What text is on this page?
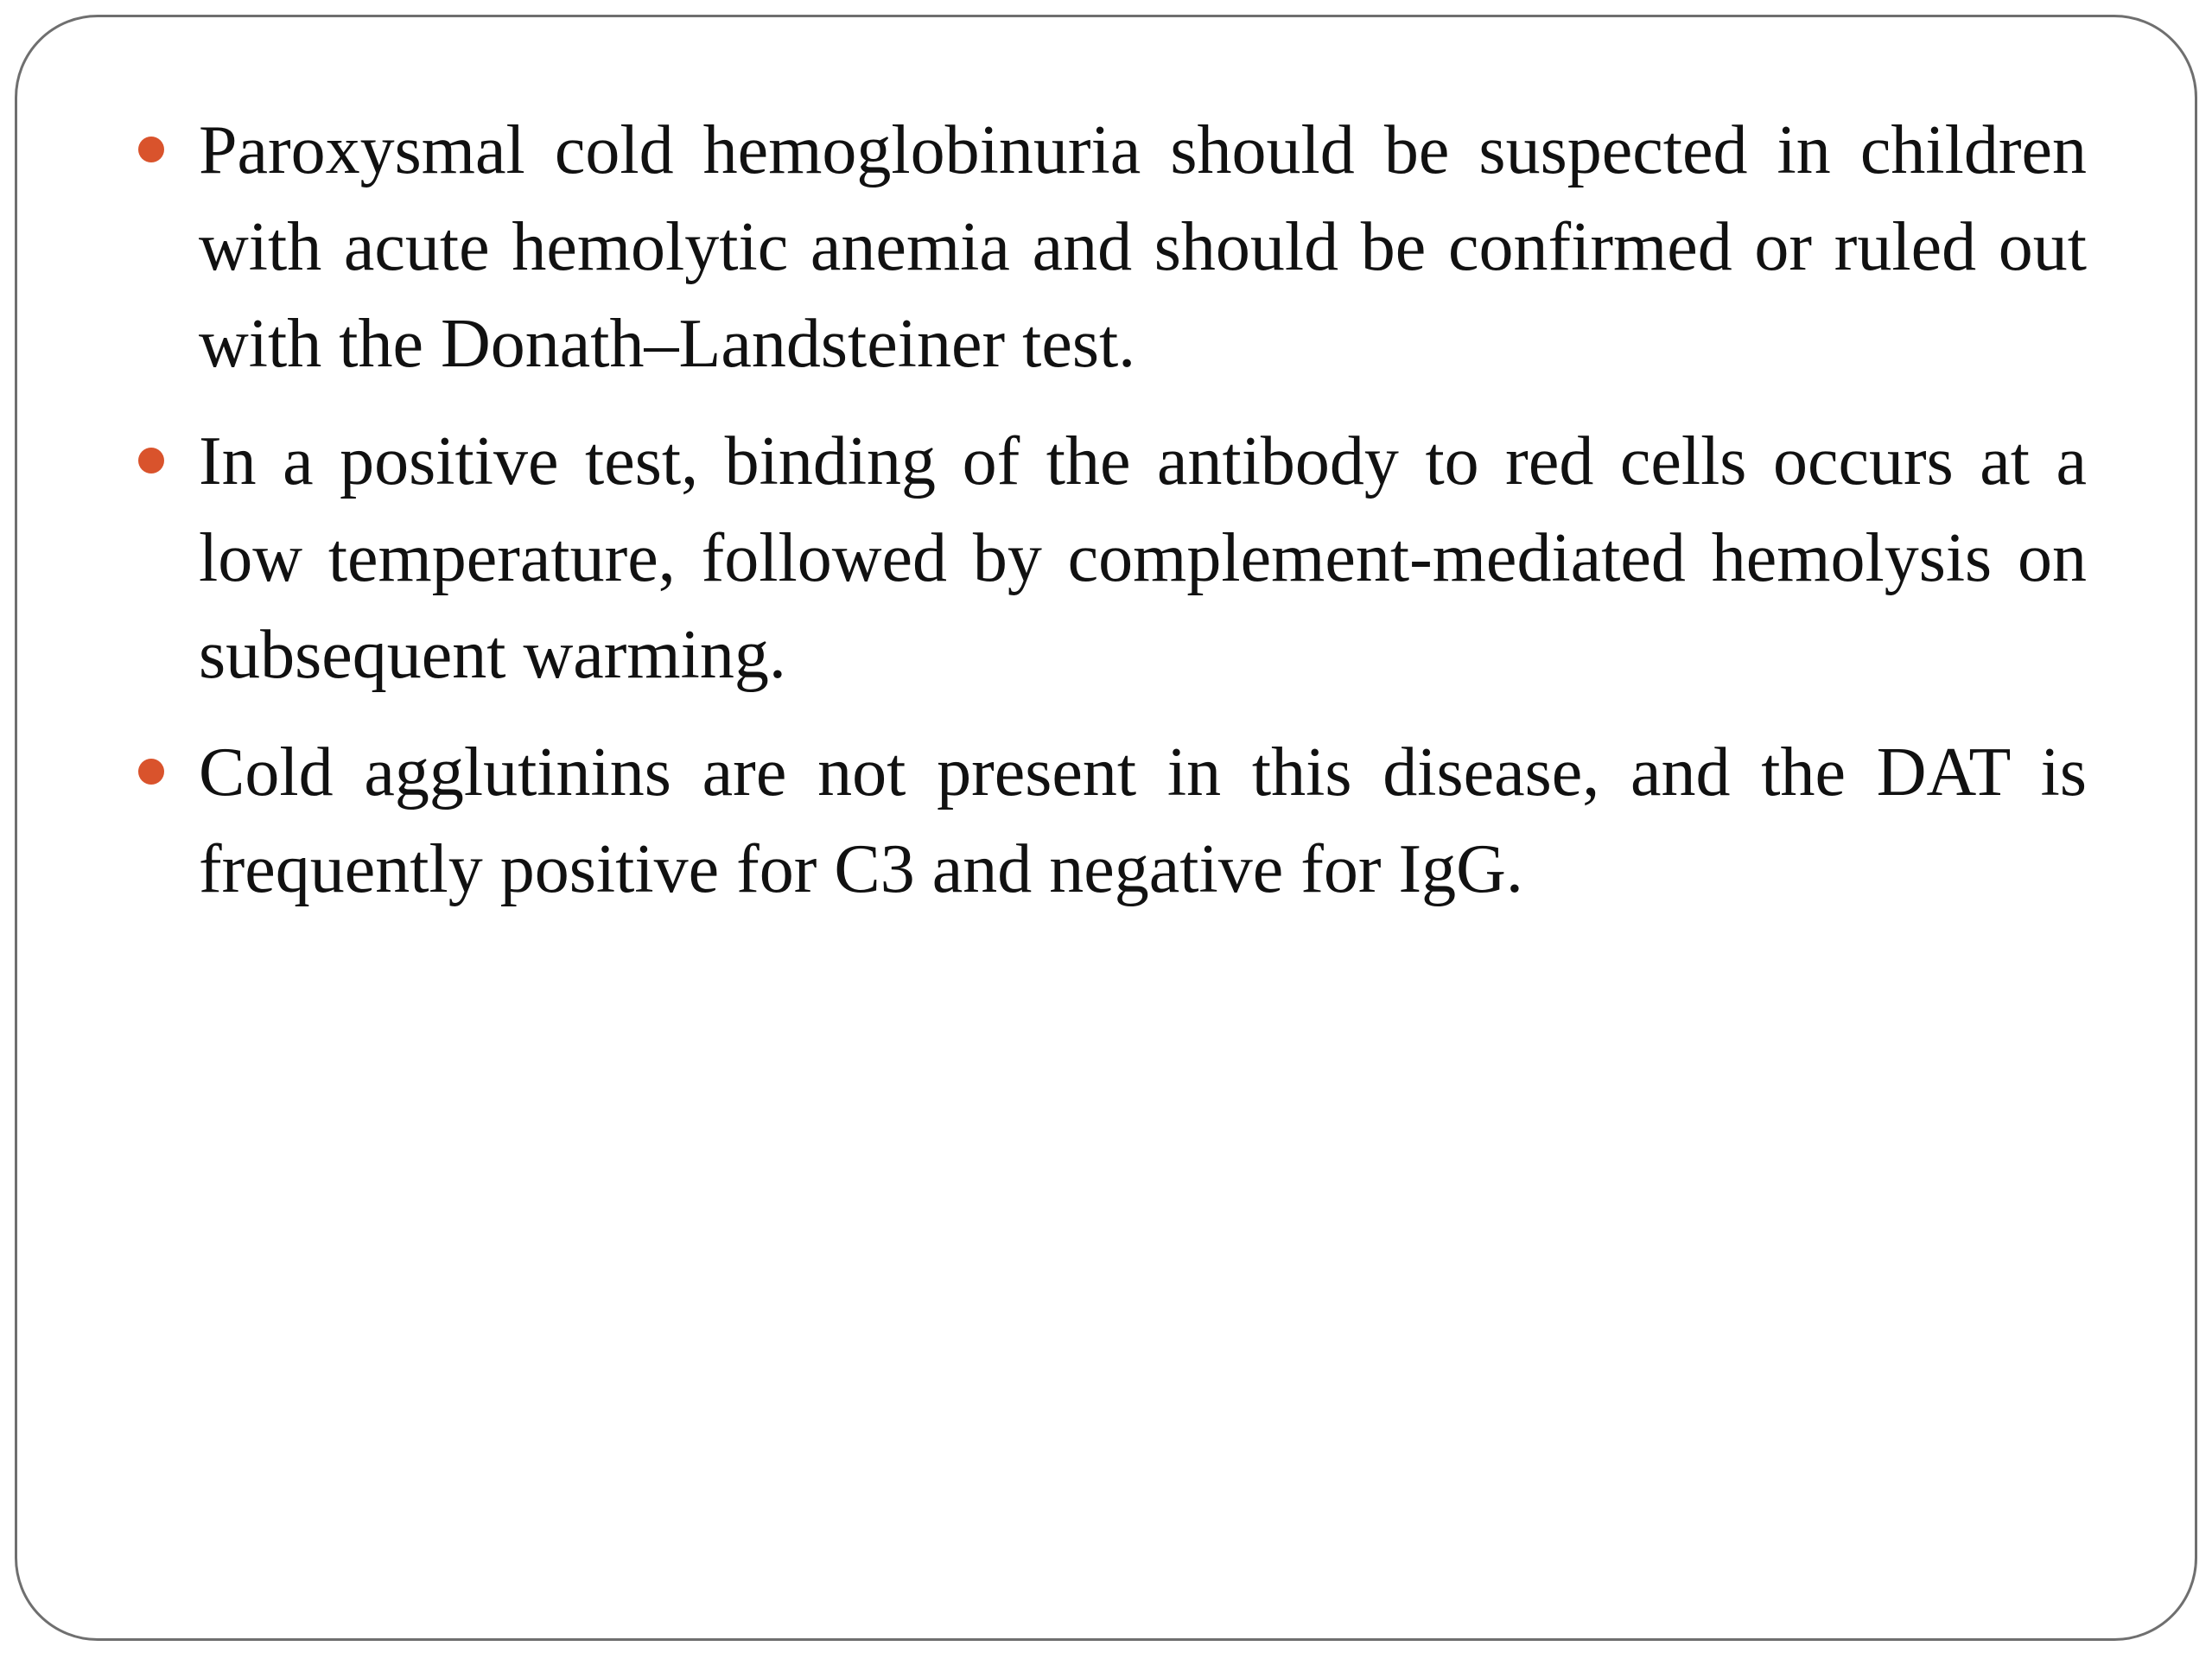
Paroxysmal cold hemoglobinuria should be suspected in children with acute hemolytic anemia and should be confirmed or ruled out with the Donath–Landsteiner test.
In a positive test, binding of the antibody to red cells occurs at a low temperature, followed by complement-mediated hemolysis on subsequent warming.
Cold agglutinins are not present in this disease, and the DAT is frequently positive for C3 and negative for IgG.
